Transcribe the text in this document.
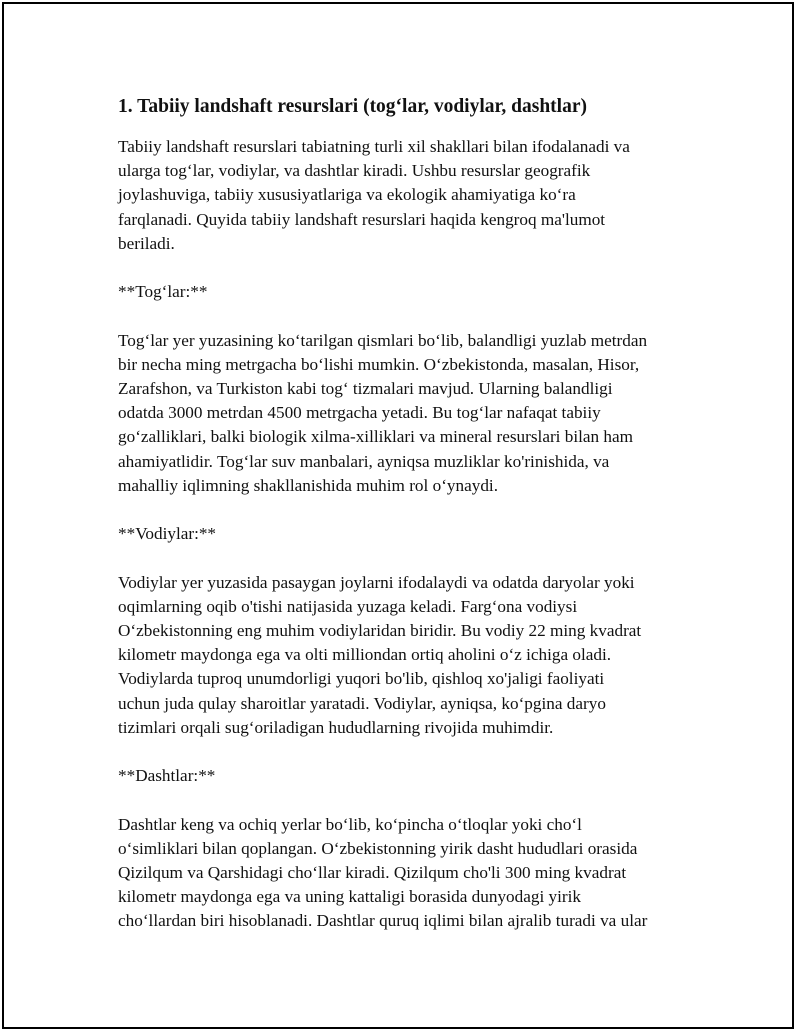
1. Tabiiy landshaft resurslari (tog‘lar, vodiylar, dashtlar)

Tabiiy landshaft resurslari tabiatning turli xil shakllari bilan ifodalanadi va
ularga tog‘lar, vodiylar, va dashtlar kiradi. Ushbu resurslar geografik
joylashuviga, tabiiy xususiyatlariga va ekologik ahamiyatiga ko‘ra
farqlanadi. Quyida tabiiy landshaft resurslari haqida kengroq ma'lumot
beriladi.

**Tog‘lar:**

Tog‘lar yer yuzasining ko‘tarilgan qismlari bo‘lib, balandligi yuzlab metrdan
bir necha ming metrgacha bo‘lishi mumkin. O‘zbekistonda, masalan, Hisor,
Zarafshon, va Turkiston kabi tog‘ tizmalari mavjud. Ularning balandligi
odatda 3000 metrdan 4500 metrgacha yetadi. Bu tog‘lar nafaqat tabiiy
go‘zalliklari, balki biologik xilma-xilliklari va mineral resurslari bilan ham
ahamiyatlidir. Tog‘lar suv manbalari, ayniqsa muzliklar ko'rinishida, va
mahalliy iqlimning shakllanishida muhim rol o‘ynaydi.

**Vodiylar:**

Vodiylar yer yuzasida pasaygan joylarni ifodalaydi va odatda daryolar yoki
oqimlarning oqib o'tishi natijasida yuzaga keladi. Farg‘ona vodiysi
O‘zbekistonning eng muhim vodiylaridan biridir. Bu vodiy 22 ming kvadrat
kilometr maydonga ega va olti milliondan ortiq aholini o‘z ichiga oladi.
Vodiylarda tuproq unumdorligi yuqori bo'lib, qishloq xo'jaligi faoliyati
uchun juda qulay sharoitlar yaratadi. Vodiylar, ayniqsa, ko‘pgina daryo
tizimlari orqali sug‘oriladigan hududlarning rivojida muhimdir.

**Dashtlar:**

Dashtlar keng va ochiq yerlar bo‘lib, ko‘pincha o‘tloqlar yoki cho‘l
o‘simliklari bilan qoplangan. O‘zbekistonning yirik dasht hududlari orasida
Qizilqum va Qarshidagi cho‘llar kiradi. Qizilqum cho'li 300 ming kvadrat
kilometr maydonga ega va uning kattaligi borasida dunyodagi yirik
cho‘llardan biri hisoblanadi. Dashtlar quruq iqlimi bilan ajralib turadi va ular
